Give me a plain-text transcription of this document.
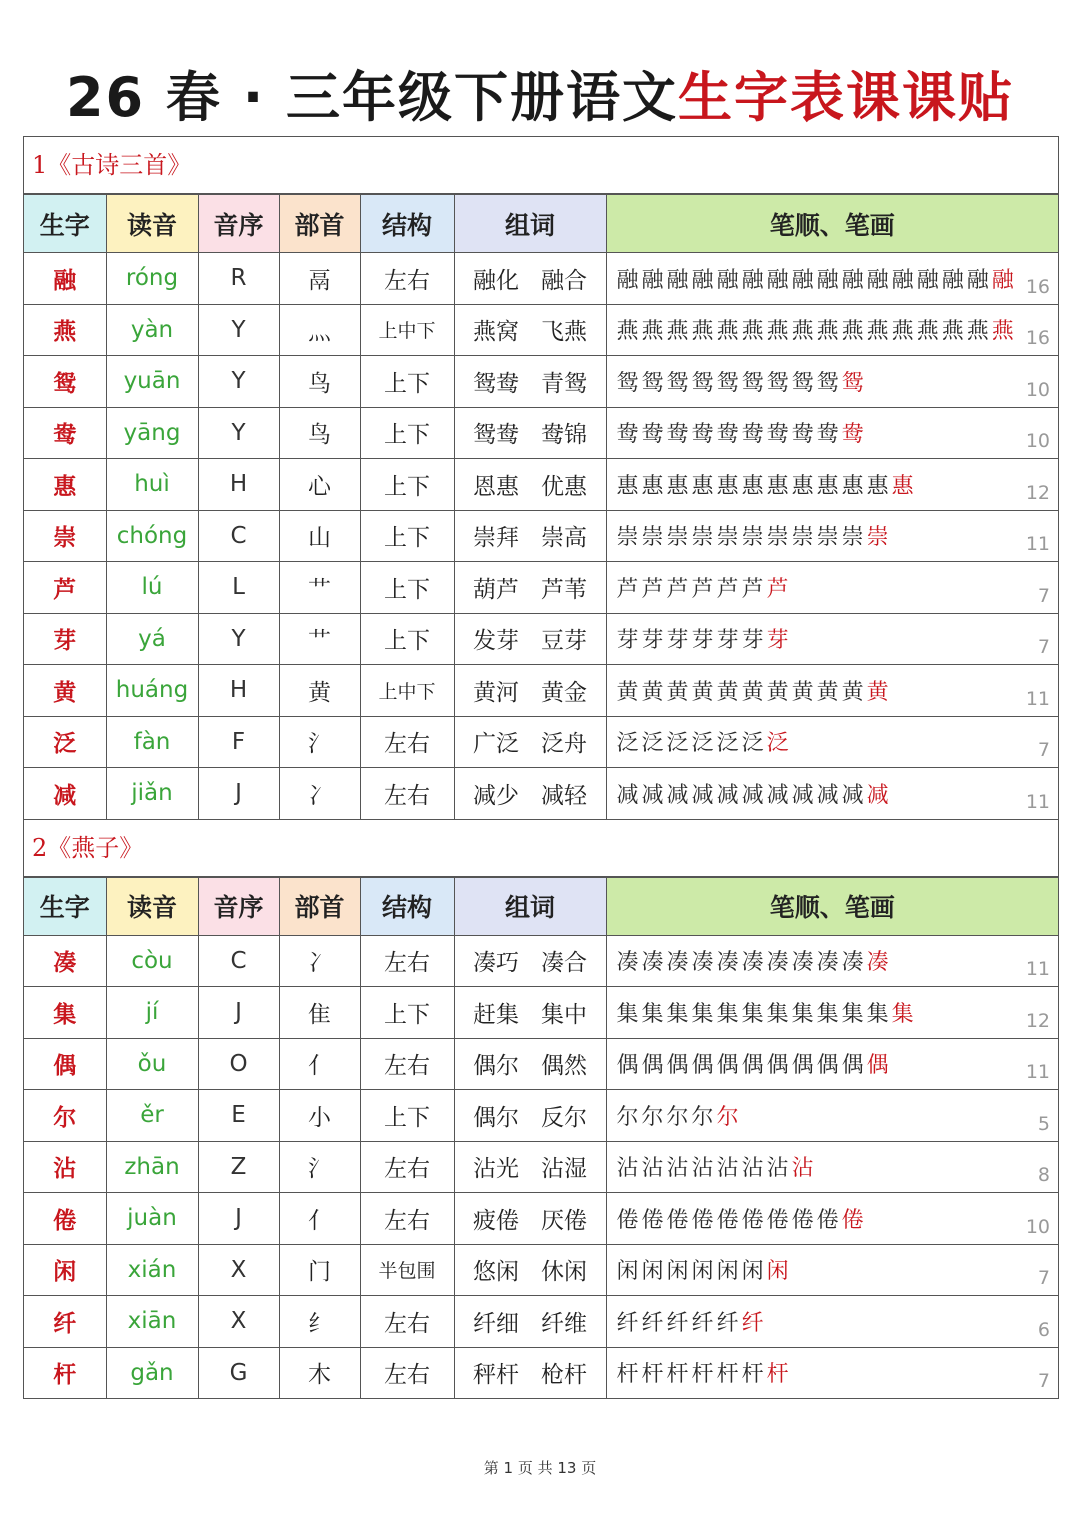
26 春 · 三年级下册语文生字表课课贴
1《古诗三首》
生字	读音	音序	部首	结构	组词	笔顺、笔画
融	róng	R	鬲	左右	融化 融合	融融融融融融融融融融融融融融融融 16

燕	yàn	Y	灬	上中下	燕窝 飞燕	燕燕燕燕燕燕燕燕燕燕燕燕燕燕燕燕 16

鸳	yuān	Y	鸟	上下	鸳鸯 青鸳	鸳鸳鸳鸳鸳鸳鸳鸳鸳鸳 10

鸯	yāng	Y	鸟	上下	鸳鸯 鸯锦	鸯鸯鸯鸯鸯鸯鸯鸯鸯鸯 10

惠	huì	H	心	上下	恩惠 优惠	惠惠惠惠惠惠惠惠惠惠惠惠 12

崇	chóng	C	山	上下	崇拜 崇高	崇崇崇崇崇崇崇崇崇崇崇 11

芦	lú	L	艹	上下	葫芦 芦苇	芦芦芦芦芦芦芦 7

芽	yá	Y	艹	上下	发芽 豆芽	芽芽芽芽芽芽芽 7

黄	huáng	H	黄	上中下	黄河 黄金	黄黄黄黄黄黄黄黄黄黄黄 11

泛	fàn	F	氵	左右	广泛 泛舟	泛泛泛泛泛泛泛 7

减	jiǎn	J	冫	左右	减少 减轻	减减减减减减减减减减减 11
2《燕子》
生字	读音	音序	部首	结构	组词	笔顺、笔画
凑	còu	C	冫	左右	凑巧 凑合	凑凑凑凑凑凑凑凑凑凑凑 11

集	jí	J	隹	上下	赶集 集中	集集集集集集集集集集集集 12

偶	ǒu	O	亻	左右	偶尔 偶然	偶偶偶偶偶偶偶偶偶偶偶 11

尔	ěr	E	小	上下	偶尔 反尔	尔尔尔尔尔 5

沾	zhān	Z	氵	左右	沾光 沾湿	沾沾沾沾沾沾沾沾 8

倦	juàn	J	亻	左右	疲倦 厌倦	倦倦倦倦倦倦倦倦倦倦 10

闲	xián	X	门	半包围	悠闲 休闲	闲闲闲闲闲闲闲 7

纤	xiān	X	纟	左右	纤细 纤维	纤纤纤纤纤纤 6

杆	gǎn	G	木	左右	秤杆 枪杆	杆杆杆杆杆杆杆 7
第 1 页 共 13 页
